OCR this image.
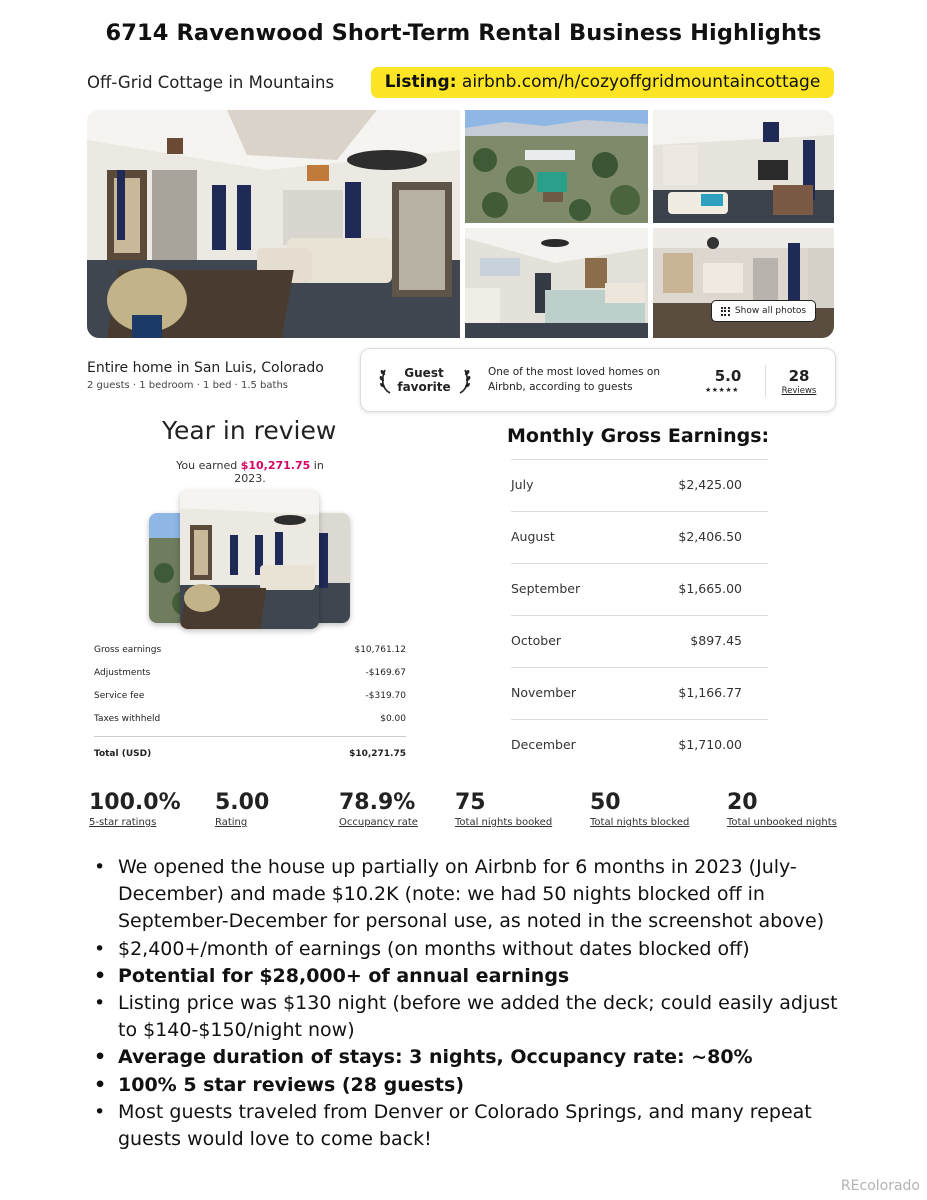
6714 Ravenwood Short-Term Rental Business Highlights
Off-Grid Cottage in Mountains	Listing: airbnb.com/h/cozyoffgridmountaincottage
Show all photos
Entire home in San Luis, Colorado
2 guests · 1 bedroom · 1 bed · 1.5 baths
Guest
favorite
One of the most loved homes on Airbnb, according to guests
5.0
★★★★★
28
Reviews
Year in review
You earned $10,271.75 in 2023.
Gross earnings	$10,761.12
Adjustments	-$169.67
Service fee	-$319.70
Taxes withheld	$0.00
Total (USD)	$10,271.75
Monthly Gross Earnings:
July	$2,425.00
August	$2,406.50
September	$1,665.00
October	$897.45
November	$1,166.77
December	$1,710.00
100.0%
5-star ratings
5.00
Rating
78.9%
Occupancy rate
75
Total nights booked
50
Total nights blocked
20
Total unbooked nights
• We opened the house up partially on Airbnb for 6 months in 2023 (July-December) and made $10.2K (note: we had 50 nights blocked off in September-December for personal use, as noted in the screenshot above)
• $2,400+/month of earnings (on months without dates blocked off)
• Potential for $28,000+ of annual earnings
• Listing price was $130 night (before we added the deck; could easily adjust to $140-$150/night now)
• Average duration of stays: 3 nights, Occupancy rate: ~80%
• 100% 5 star reviews (28 guests)
• Most guests traveled from Denver or Colorado Springs, and many repeat guests would love to come back!
REcolorado
